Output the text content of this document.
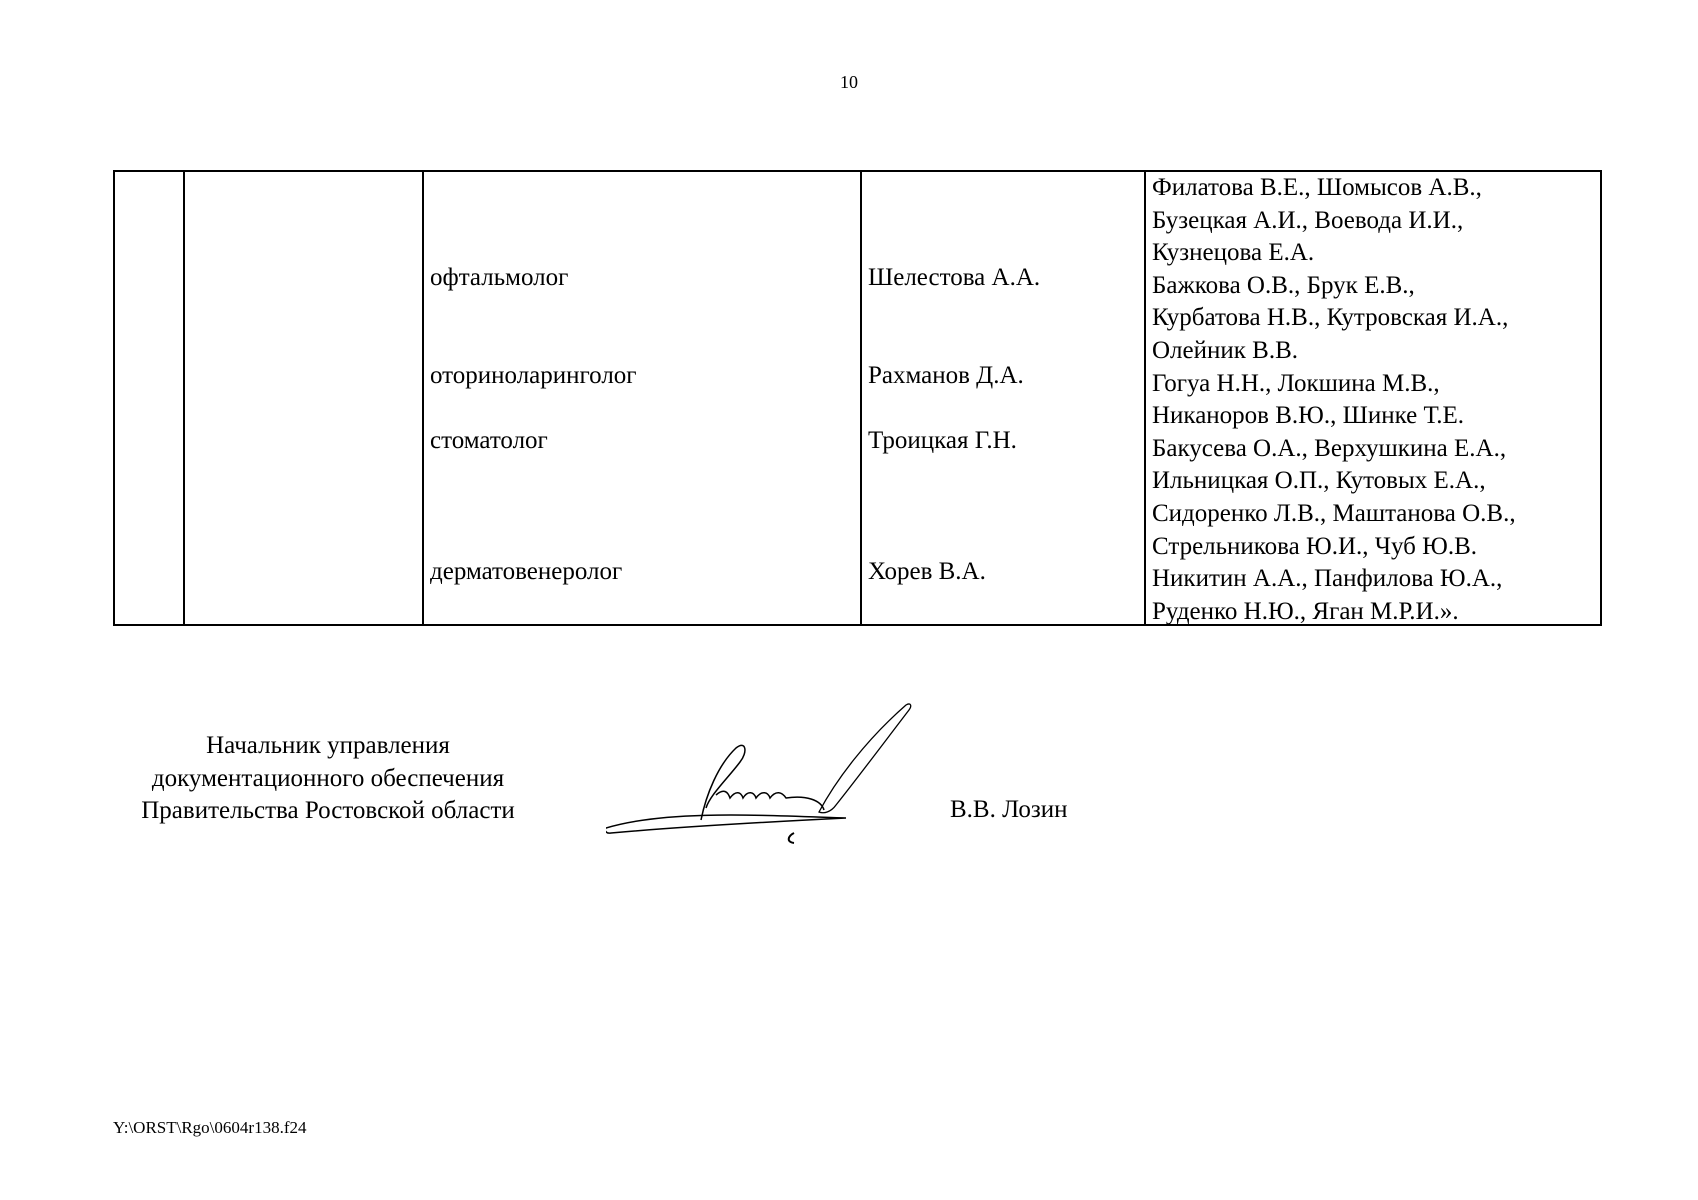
10
офтальмолог
оториноларинголог
стоматолог
дерматовенеролог
Шелестова А.А.
Рахманов Д.А.
Троицкая Г.Н.
Хорев В.А.
Филатова В.Е., Шомысов А.В.,
Бузецкая А.И., Воевода И.И.,
Кузнецова Е.А.
Бажкова О.В., Брук Е.В.,
Курбатова Н.В., Кутровская И.А.,
Олейник В.В.
Гогуа Н.Н., Локшина М.В.,
Никаноров В.Ю., Шинке Т.Е.
Бакусева О.А., Верхушкина Е.А.,
Ильницкая О.П., Кутовых Е.А.,
Сидоренко Л.В., Маштанова О.В.,
Стрельникова Ю.И., Чуб Ю.В.
Никитин А.А., Панфилова Ю.А.,
Руденко Н.Ю., Яган М.Р.И.».
Начальник управления
документационного обеспечения
Правительства Ростовской области	В.В. Лозин
Y:\ORST\Rgo\0604r138.f24
